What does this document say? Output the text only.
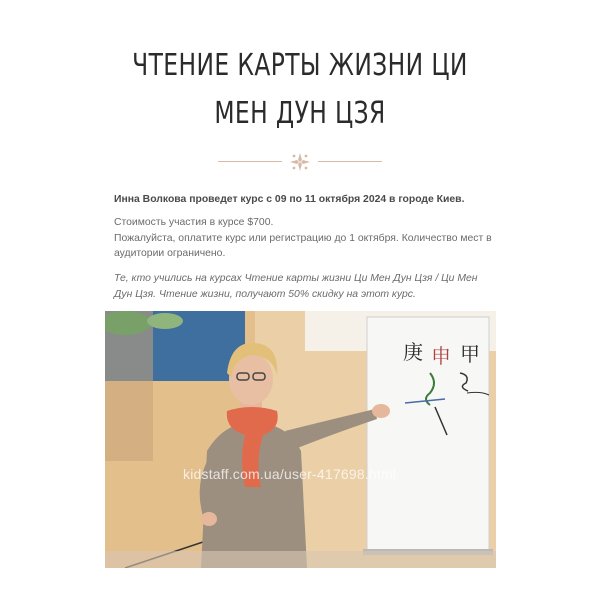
ЧТЕНИЕ КАРТЫ ЖИЗНИ ЦИ
МЕН ДУН ЦЗЯ
Инна Волкова проведет курс с 09 по 11 октября 2024 в городе Киев.
Стоимость участия в курсе $700.
Пожалуйста, оплатите курс или регистрацию до 1 октября. Количество мест в аудитории ограничено.
Те, кто учились на курсах Чтение карты жизни Ци Мен Дун Цзя / Ци Мен Дун Цзя. Чтение жизни, получают 50% скидку на этот курс.
庚 申 甲
kidstaff.com.ua/user-417698.html
